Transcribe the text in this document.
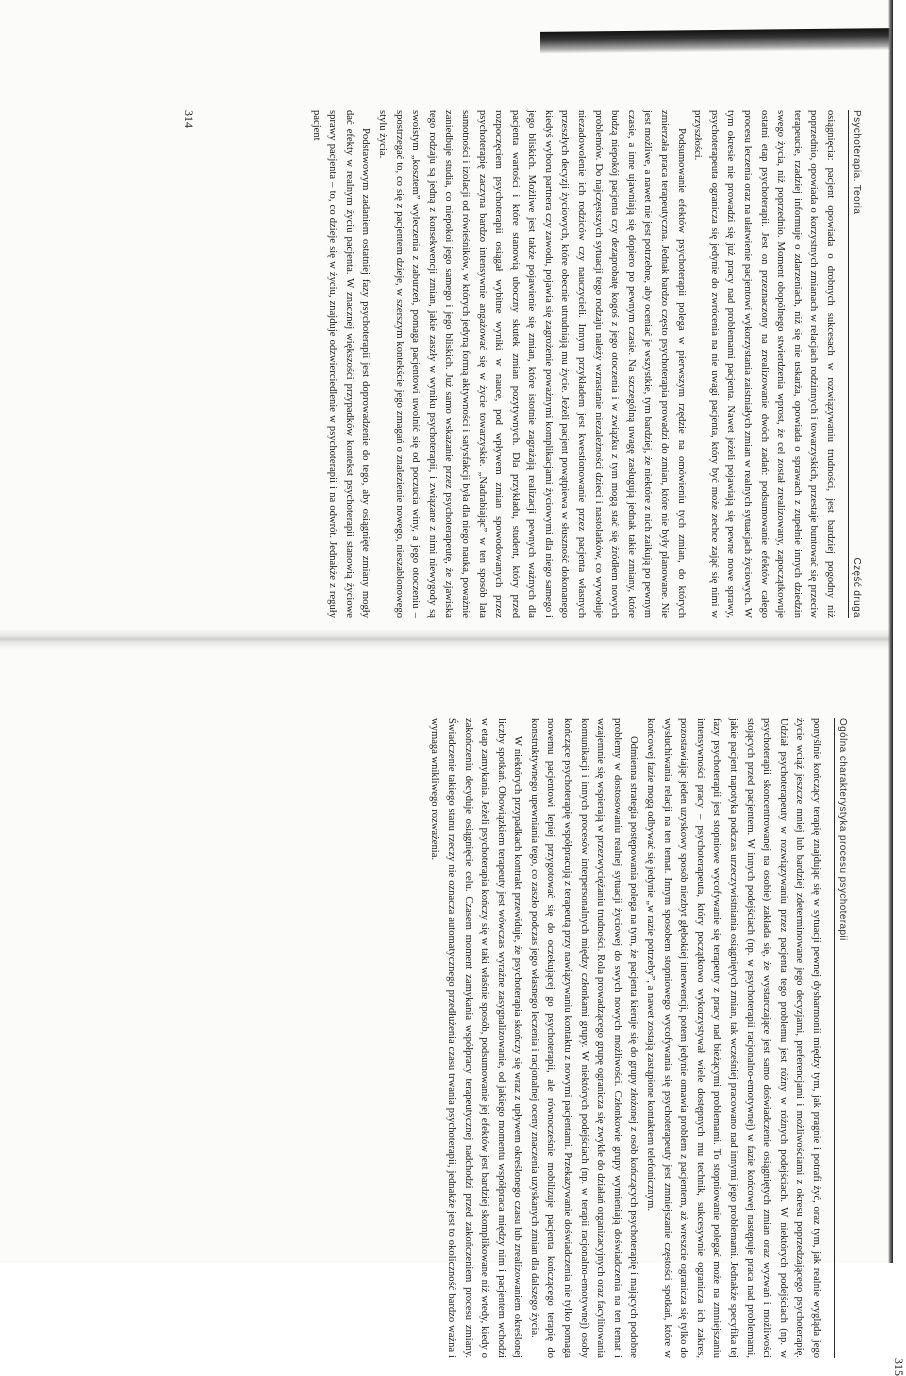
Ogólna charakterystyka procesu psychoterapii

ponyślnie kończący terapię znajdując się w sytuacji pewnej dysharmonii między tym, jak pragnie i potrafi żyć, oraz tym, jak realnie wygląda jego życie wciąż jeszcze mniej lub bardziej zdeterminowane jego decyzjami, preferencjami i możliwościami z okresu poprzedzającego psychoterapię. Udział psychoterapeuty w rozwiązywaniu przez pacjenta tego problemu jest różny w różnych podejściach. W niektórych podejściach (np. w psychoterapii skoncentrowanej na osobie) zakłada się, że wystarczające jest samo doświadczenie osiągniętych zmian oraz wyzwań i możliwości stojących przed pacjentem. W innych podejściach (np. w psychoterapii racjonalno-emotywnej) w fazie końcowej następuje praca nad problemami, jakie pacjent napotyka podczas urzeczywistniania osiągniętych zmian, tak wcześniej pracowano nad innymi jego problemami. Jednakże specyfika tej fazy psychoterapii jest stopniowe wycofywanie się terapeuty z pracy nad bieżącymi problemami. To stopniowanie polegać może na zmniejszaniu intensywności pracy – psychoterapeuta, który początkowo wykorzystywał wiele dostępnych mu technik, sukcesywnie ogranicza ich zakres, pozostawiając jeden uzyskowy sposób niezbyt głębokiej interwencji, potem jedynie omawia problem z pacjentem, aż wreszcie ogranicza się tylko do wysłuchiwania relacji na ten temat. Innym sposobem stopniowego wycofywania się psychoterapeuty jest zmniejszanie częstości spotkań, które w końcowej fazie mogą odbywać się jedynie „w razie potrzeby”, a nawet zostają zastąpione kontaktem telefonicznym.

Odmienna strategia postępowania polega na tym, że pacjenta kieruje się do grupy złożonej z osób kończących psychoterapię i mających podobne problemy w dostosowaniu realnej sytuacji życiowej do swych nowych możliwości. Członkowie grupy wymieniają doświadczenia na ten temat i wzajemnie się wspierają w przezwyciężaniu trudności. Rola prowadzącego grupę ogranicza się zwykle do działań organizacyjnych oraz facylitowania komunikacji i innych procesów interpersonalnych między członkami grupy. W niektórych podejściach (np. w terapii racjonalno-emotywnej) osoby kończące psychoterapię współpracują z terapeutą przy nawiązywaniu kontaktu z nowymi pacjentami. Przekazywanie doświadczenia nie tylko pomaga nowemu pacjentowi lepiej przygotować się do oczekującej go psychoterapii, ale równocześnie mobilizuje pacjenta kończącego terapię do konstruktywnego upewniania tego, co zaszło podczas jego własnego leczenia i racjonalnej oceny znaczenia uzyskanych zmian dla dalszego życia.

W niektórych przypadkach kontrakt przewiduje, że psychoterapia skończy się wraz z upływem określonego czasu lub zrealizowaniem określonej liczby spotkań. Obowiązkiem terapeuty jest wówczas wyraźne zasygnalizowanie, od jakiego momentu współpraca między nim i pacjentem wchodzi w etap zamykania. Jeżeli psychoterapia kończy się w taki właśnie sposób, podsumowanie jej efektów jest bardziej skomplikowane niż wtedy, kiedy o zakończeniu decyduje osiągnięcie celu. Czasem moment zamykania współpracy terapeutycznej nadchodzi przed zakończeniem procesu zmiany. Świadczenie takiego stanu rzeczy nie oznacza automatycznego przedłużenia czasu trwania psychoterapii, jednakże jest to okoliczność bardzo ważna i wymaga wnikliwego rozważenia.

315
Psychoterapia. Teoria
Część druga

osiągnięcia: pacjent opowiada o drobnych sukcesach w rozwiązywaniu trudności, jest bardziej pogodny niż poprzednio, opowiada o korzystnych zmianach w relacjach rodzinnych i towarzyskich, przestaje buntować się przeciw terapeucie, rzadziej informuje o zdarzeniach, niż się nie uskarża, opowiada o sprawach z zupełnie innych dziedzin swego życia, niż poprzednio. Moment obopólnego stwierdzenia wprost, że cel został zrealizowany, zapoczątkowuje ostatni etap psychoterapii. Jest on przeznaczony na zrealizowanie dwóch zadań: podsumowanie efektów całego procesu leczenia oraz na ułatwienie pacjentowi wykorzystania zaistniałych zmian w realnych sytuacjach życiowych. W tym okresie nie prowadzi się już pracy nad problemami pacjenta. Nawet jeżeli pojawiają się pewne nowe sprawy, psychoterapeuta ogranicza się jedynie do zwrócenia na nie uwagi pacjenta, który być może zechce zająć się nimi w przyszłości.

Podsumowanie efektów psychoterapii polega w pierwszym rzędzie na omówieniu tych zmian, do których zmierzała praca terapeutyczna. Jednak bardzo często psychoterapia prowadzi do zmian, które nie były planowane. Nie jest możliwe, a nawet nie jest potrzebne, aby oceniać je wszystkie, tym bardziej, że niektóre z nich zaikują po pewnym czasie, a inne ujawniają się dopiero po pewnym czasie. Na szczególną uwagę zasługują jednak takie zmiany, które budzą niepokój pacjenta czy dezaprobatę kogoś z jego otoczenia i w związku z tym mogą stać się źródłem nowych problemów. Do najczęstszych sytuacji tego rodzaju należy wzrastanie niezależności dzieci i nastolatków, co wywołuje niezadowolenie ich rodziców czy nauczycieli. Innym przykładem jest kwestionowanie przez pacjenta własnych przeszłych decyzji życiowych, które obecnie utrudniają mu życie. Jeżeli pacjent powątpiewa w słuszność dokonanego kiedyś wyboru partnera czy zawodu, pojawia się zagrożenie poważnymi komplikacjami życiowymi dla niego samego i jego bliskich. Możliwe jest także pojawienie się zmian, które istotnie zagrażają realizacji pewnych ważnych dla pacjenta wartości i które stanowią uboczny skutek zmian pozytywnych. Dla przykładu, student, który przed rozpoczęciem psychoterapii osiągał wybitne wyniki w nauce, pod wpływem zmian spowodowanych przez psychoterapię zaczyna bardzo intensywnie angażować się w życie towarzyskie. „Nadrabiając” w ten sposób lata samotności i izolacji od rówieśników, w których jedyną formą aktywności i satysfakcji była dla niego nauka, poważnie zaniedbuje studia, co niepokoi jego samego i jego bliskich. Już samo wskazanie przez psychoterapeutę, że zjawiska tego rodzaju są jedną z konsekwencji zmian, jakie zaszły w wyniku psychoterapii, i związane z nimi niewygody są swoistym „kosztem” wyleczenia z zaburzeń, pomaga pacjentowi uwolnić się od poczucia winy, a jego otoczeniu – spostrzegać to, co się z pacjentem dzieje, w szerszym kontekście jego zmagań o znalezienie nowego, nieszablonowego stylu życia.

Podstawowym zadaniem ostatniej fazy psychoterapii jest doprowadzenie do tego, aby osiągnięte zmiany mogły dać efekty w realnym życiu pacjenta. W znacznej większości przypadków kontekst psychoterapii stanowią życiowe sprawy pacjenta – to, co dzieje się w życiu, znajduje odzwierciedlenie w psychoterapii i na odwrót. Jednakże z reguły pacjent

314
